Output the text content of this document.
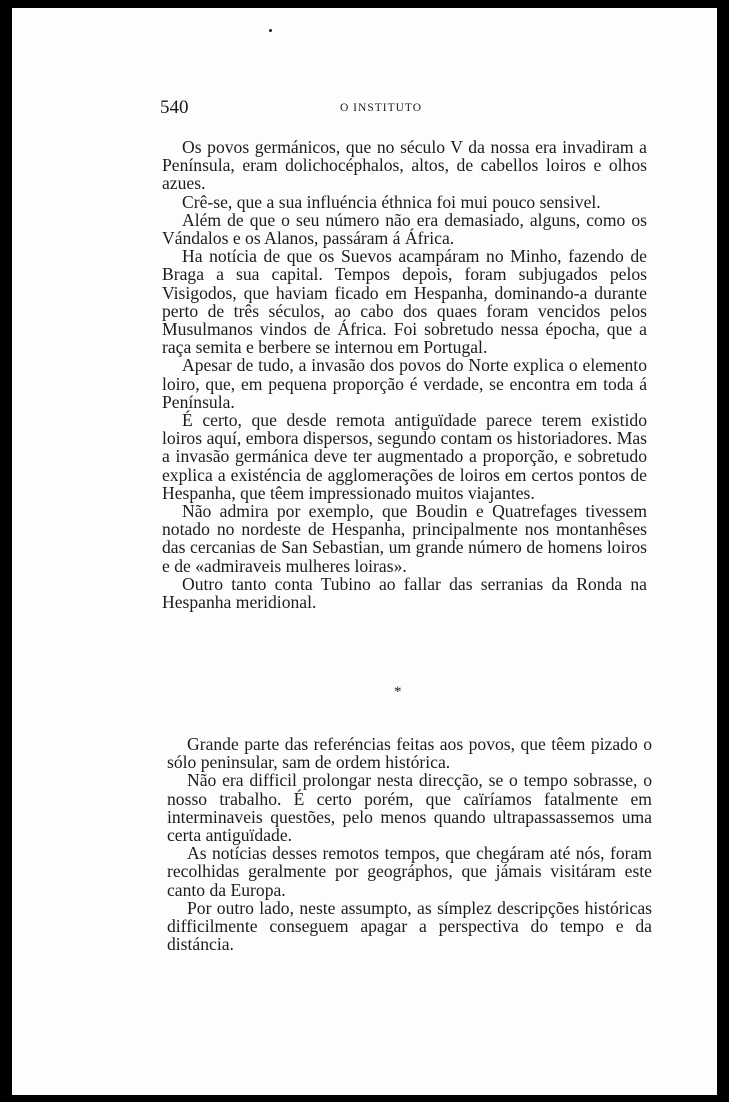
540	O INSTITUTO

Os povos germánicos, que no século V da nossa era invadiram a Península, eram dolichocéphalos, altos, de cabellos loiros e olhos azues.

Crê-se, que a sua influéncia éthnica foi mui pouco sensivel.

Além de que o seu número não era demasiado, alguns, como os Vándalos e os Alanos, passáram á África.

Ha notícia de que os Suevos acampáram no Minho, fazendo de Braga a sua capital. Tempos depois, foram subjugados pelos Visigodos, que haviam ficado em Hespanha, dominando-a durante perto de três séculos, ao cabo dos quaes foram vencidos pelos Musulmanos vindos de África. Foi sobretudo nessa épocha, que a raça semita e berbere se internou em Portugal.

Apesar de tudo, a invasão dos povos do Norte explica o elemento loiro, que, em pequena proporção é verdade, se encontra em toda á Península.

É certo, que desde remota antiguïdade parece terem existido loiros aquí, embora dispersos, segundo contam os historiadores. Mas a invasão germánica deve ter augmentado a proporção, e sobretudo explica a existéncia de agglomerações de loiros em certos pontos de Hespanha, que têem impressionado muitos viajantes.

Não admira por exemplo, que Boudin e Quatrefages tivessem notado no nordeste de Hespanha, principalmente nos montanhêses das cercanias de San Sebastian, um grande número de homens loiros e de «admiraveis mulheres loiras».

Outro tanto conta Tubino ao fallar das serranias da Ronda na Hespanha meridional.

*

Grande parte das referéncias feitas aos povos, que têem pizado o sólo peninsular, sam de ordem histórica.

Não era difficil prolongar nesta direcção, se o tempo sobrasse, o nosso trabalho. É certo porém, que caïríamos fatalmente em interminaveis questões, pelo menos quando ultrapassassemos uma certa antiguïdade.

As notícias desses remotos tempos, que chegáram até nós, foram recolhidas geralmente por geográphos, que jámais visitáram este canto da Europa.

Por outro lado, neste assumpto, as símplez descripções históricas difficilmente conseguem apagar a perspectiva do tempo e da distáncia.
